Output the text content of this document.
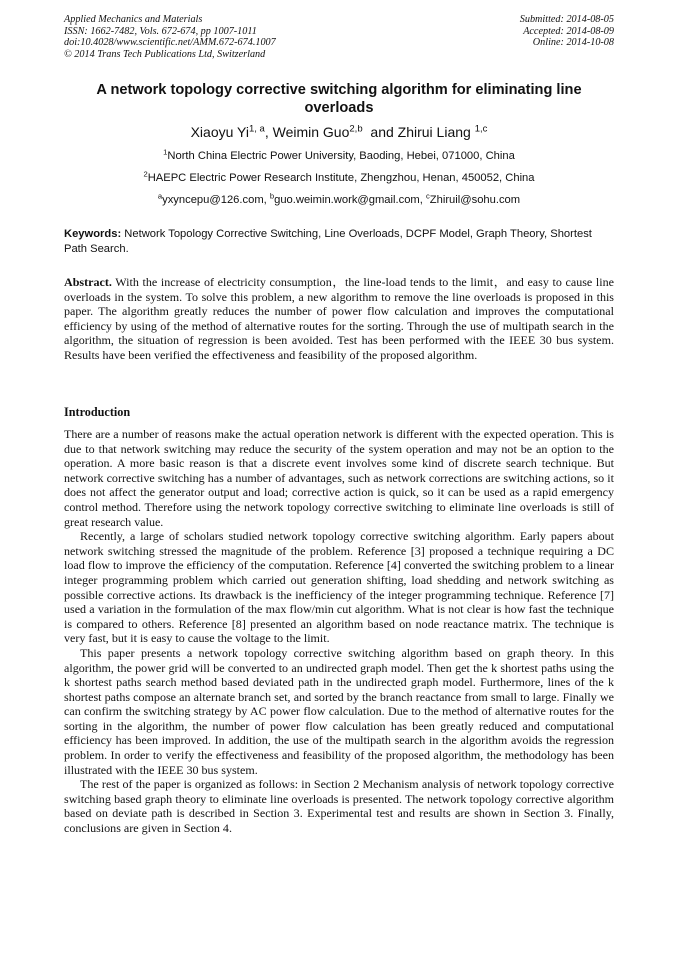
Applied Mechanics and Materials
ISSN: 1662-7482, Vols. 672-674, pp 1007-1011
doi:10.4028/www.scientific.net/AMM.672-674.1007
© 2014 Trans Tech Publications Ltd, Switzerland
Submitted: 2014-08-05
Accepted: 2014-08-09
Online: 2014-10-08
A network topology corrective switching algorithm for eliminating line overloads
Xiaoyu Yi$^{1, a}$, Weimin Guo$^{2,b}$  and Zhirui Liang $^{1,c}$
$^1$North China Electric Power University, Baoding, Hebei, 071000, China
$^2$HAEPC Electric Power Research Institute, Zhengzhou, Henan, 450052, China
$^a$yxyncepu@126.com, $^b$guo.weimin.work@gmail.com, $^c$Zhiruil@sohu.com
Keywords: Network Topology Corrective Switching, Line Overloads, DCPF Model, Graph Theory, Shortest Path Search.
Abstract. With the increase of electricity consumption，the line-load tends to the limit，and easy to cause line overloads in the system. To solve this problem, a new algorithm to remove the line overloads is proposed in this paper. The algorithm greatly reduces the number of power flow calculation and improves the computational efficiency by using of the method of alternative routes for the sorting. Through the use of multipath search in the algorithm, the situation of regression is been avoided. Test has been performed with the IEEE 30 bus system. Results have been verified the effectiveness and feasibility of the proposed algorithm.
Introduction

There are a number of reasons make the actual operation network is different with the expected operation. This is due to that network switching may reduce the security of the system operation and may not be an option to the operation. A more basic reason is that a discrete event involves some kind of discrete search technique. But network corrective switching has a number of advantages, such as network corrections are switching actions, so it does not affect the generator output and load; corrective action is quick, so it can be used as a rapid emergency control method. Therefore using the network topology corrective switching to eliminate line overloads is still of great research value.

Recently, a large of scholars studied network topology corrective switching algorithm. Early papers about network switching stressed the magnitude of the problem. Reference [3] proposed a technique requiring a DC load flow to improve the efficiency of the computation. Reference [4] converted the switching problem to a linear integer programming problem which carried out generation shifting, load shedding and network switching as possible corrective actions. Its drawback is the inefficiency of the integer programming technique. Reference [7] used a variation in the formulation of the max flow/min cut algorithm. What is not clear is how fast the technique is compared to others. Reference [8] presented an algorithm based on node reactance matrix. The technique is very fast, but it is easy to cause the voltage to the limit.

This paper presents a network topology corrective switching algorithm based on graph theory. In this algorithm, the power grid will be converted to an undirected graph model. Then get the k shortest paths using the k shortest paths search method based deviated path in the undirected graph model. Furthermore, lines of the k shortest paths compose an alternate branch set, and sorted by the branch reactance from small to large. Finally we can confirm the switching strategy by AC power flow calculation. Due to the method of alternative routes for the sorting in the algorithm, the number of power flow calculation has been greatly reduced and computational efficiency has been improved. In addition, the use of the multipath search in the algorithm avoids the regression problem. In order to verify the effectiveness and feasibility of the proposed algorithm, the methodology has been illustrated with the IEEE 30 bus system.

The rest of the paper is organized as follows: in Section 2 Mechanism analysis of network topology corrective switching based graph theory to eliminate line overloads is presented. The network topology corrective algorithm based on deviate path is described in Section 3. Experimental test and results are shown in Section 3. Finally, conclusions are given in Section 4.
